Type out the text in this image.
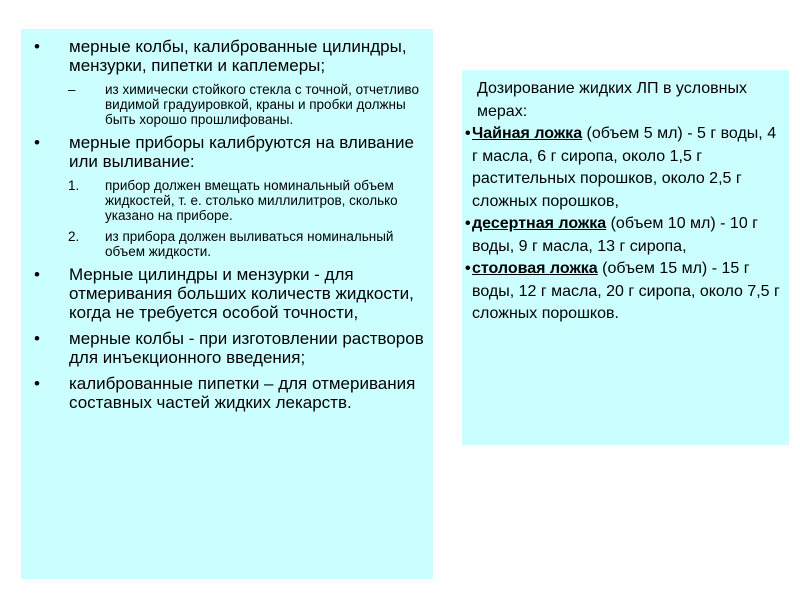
• мерные колбы, калиброванные цилиндры, мензурки, пипетки и каплемеры;
– из химически стойкого стекла с точной, отчетливо видимой градуировкой, краны и пробки должны быть хорошо прошлифованы.
• мерные приборы калибруются на вливание или выливание:
1. прибор должен вмещать номинальный объем жидкостей, т. е. столько миллилитров, сколько указано на приборе.
2. из прибора должен выливаться номинальный объем жидкости.
• Мерные цилиндры и мензурки - для отмеривания больших количеств жидкости, когда не требуется особой точности,
• мерные колбы - при изготовлении растворов для инъекционного введения;
• калиброванные пипетки – для отмеривания составных частей жидких лекарств.
Дозирование жидких ЛП в условных мерах:
• Чайная ложка (объем 5 мл) - 5 г воды, 4 г масла, 6 г сиропа, около 1,5 г растительных порошков, около 2,5 г сложных порошков,
• десертная ложка (объем 10 мл) - 10 г воды, 9 г масла, 13 г сиропа,
• столовая ложка (объем 15 мл) - 15 г воды, 12 г масла, 20 г сиропа, около 7,5 г сложных порошков.
